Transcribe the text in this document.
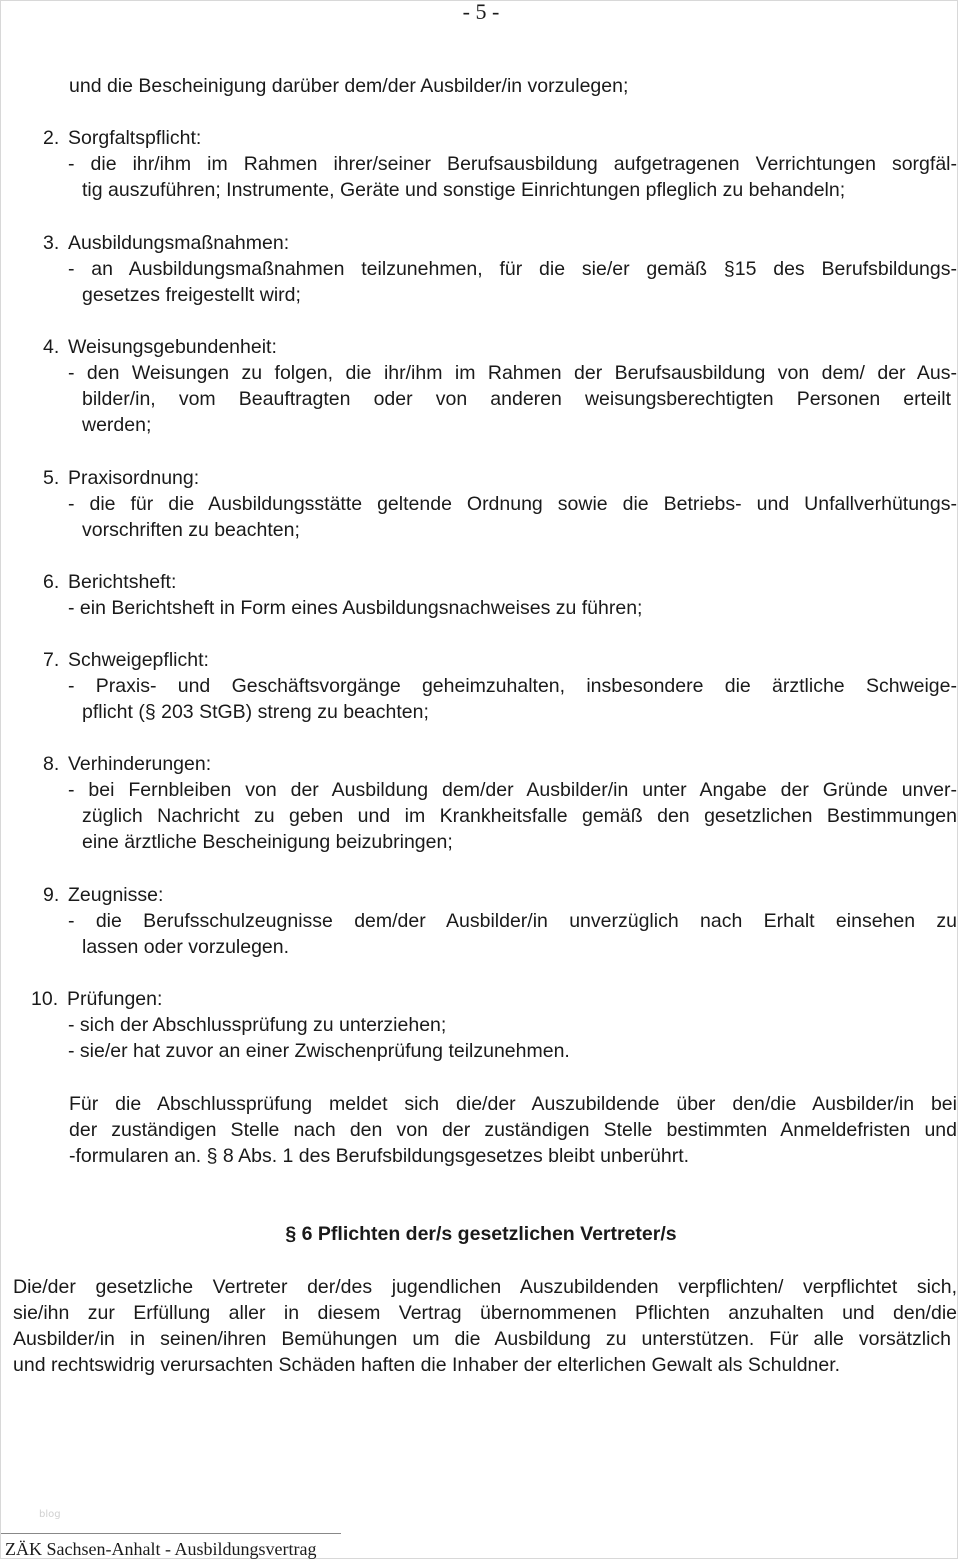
- 5 -
und die Bescheinigung darüber dem/der Ausbilder/in vorzulegen;
2. Sorgfaltspflicht:
- die ihr/ihm im Rahmen ihrer/seiner Berufsausbildung aufgetragenen Verrichtungen sorgfäl-
tig auszuführen; Instrumente, Geräte und sonstige Einrichtungen pfleglich zu behandeln;
3. Ausbildungsmaßnahmen:
- an Ausbildungsmaßnahmen teilzunehmen, für die sie/er gemäß §15 des Berufsbildungs-
gesetzes freigestellt wird;
4. Weisungsgebundenheit:
- den Weisungen zu folgen, die ihr/ihm im Rahmen der Berufsausbildung von dem/ der Aus-
bilder/in, vom Beauftragten oder von anderen weisungsberechtigten Personen erteilt
werden;
5. Praxisordnung:
- die für die Ausbildungsstätte geltende Ordnung sowie die Betriebs- und Unfallverhütungs-
vorschriften zu beachten;
6. Berichtsheft:
- ein Berichtsheft in Form eines Ausbildungsnachweises zu führen;
7. Schweigepflicht:
- Praxis- und Geschäftsvorgänge geheimzuhalten, insbesondere die ärztliche Schweige-
pflicht (§ 203 StGB) streng zu beachten;
8. Verhinderungen:
- bei Fernbleiben von der Ausbildung dem/der Ausbilder/in unter Angabe der Gründe unver-
züglich Nachricht zu geben und im Krankheitsfalle gemäß den gesetzlichen Bestimmungen
eine ärztliche Bescheinigung beizubringen;
9. Zeugnisse:
- die Berufsschulzeugnisse dem/der Ausbilder/in unverzüglich nach Erhalt einsehen zu
lassen oder vorzulegen.
10. Prüfungen:
- sich der Abschlussprüfung zu unterziehen;
- sie/er hat zuvor an einer Zwischenprüfung teilzunehmen.
Für die Abschlussprüfung meldet sich die/der Auszubildende über den/die Ausbilder/in bei
der zuständigen Stelle nach den von der zuständigen Stelle bestimmten Anmeldefristen und
-formularen an. § 8 Abs. 1 des Berufsbildungsgesetzes bleibt unberührt.
§ 6 Pflichten der/s gesetzlichen Vertreter/s
Die/der gesetzliche Vertreter der/des jugendlichen Auszubildenden verpflichten/ verpflichtet sich,
sie/ihn zur Erfüllung aller in diesem Vertrag übernommenen Pflichten anzuhalten und den/die
Ausbilder/in in seinen/ihren Bemühungen um die Ausbildung zu unterstützen. Für alle vorsätzlich
und rechtswidrig verursachten Schäden haften die Inhaber der elterlichen Gewalt als Schuldner.
blog
ZÄK Sachsen-Anhalt - Ausbildungsvertrag
